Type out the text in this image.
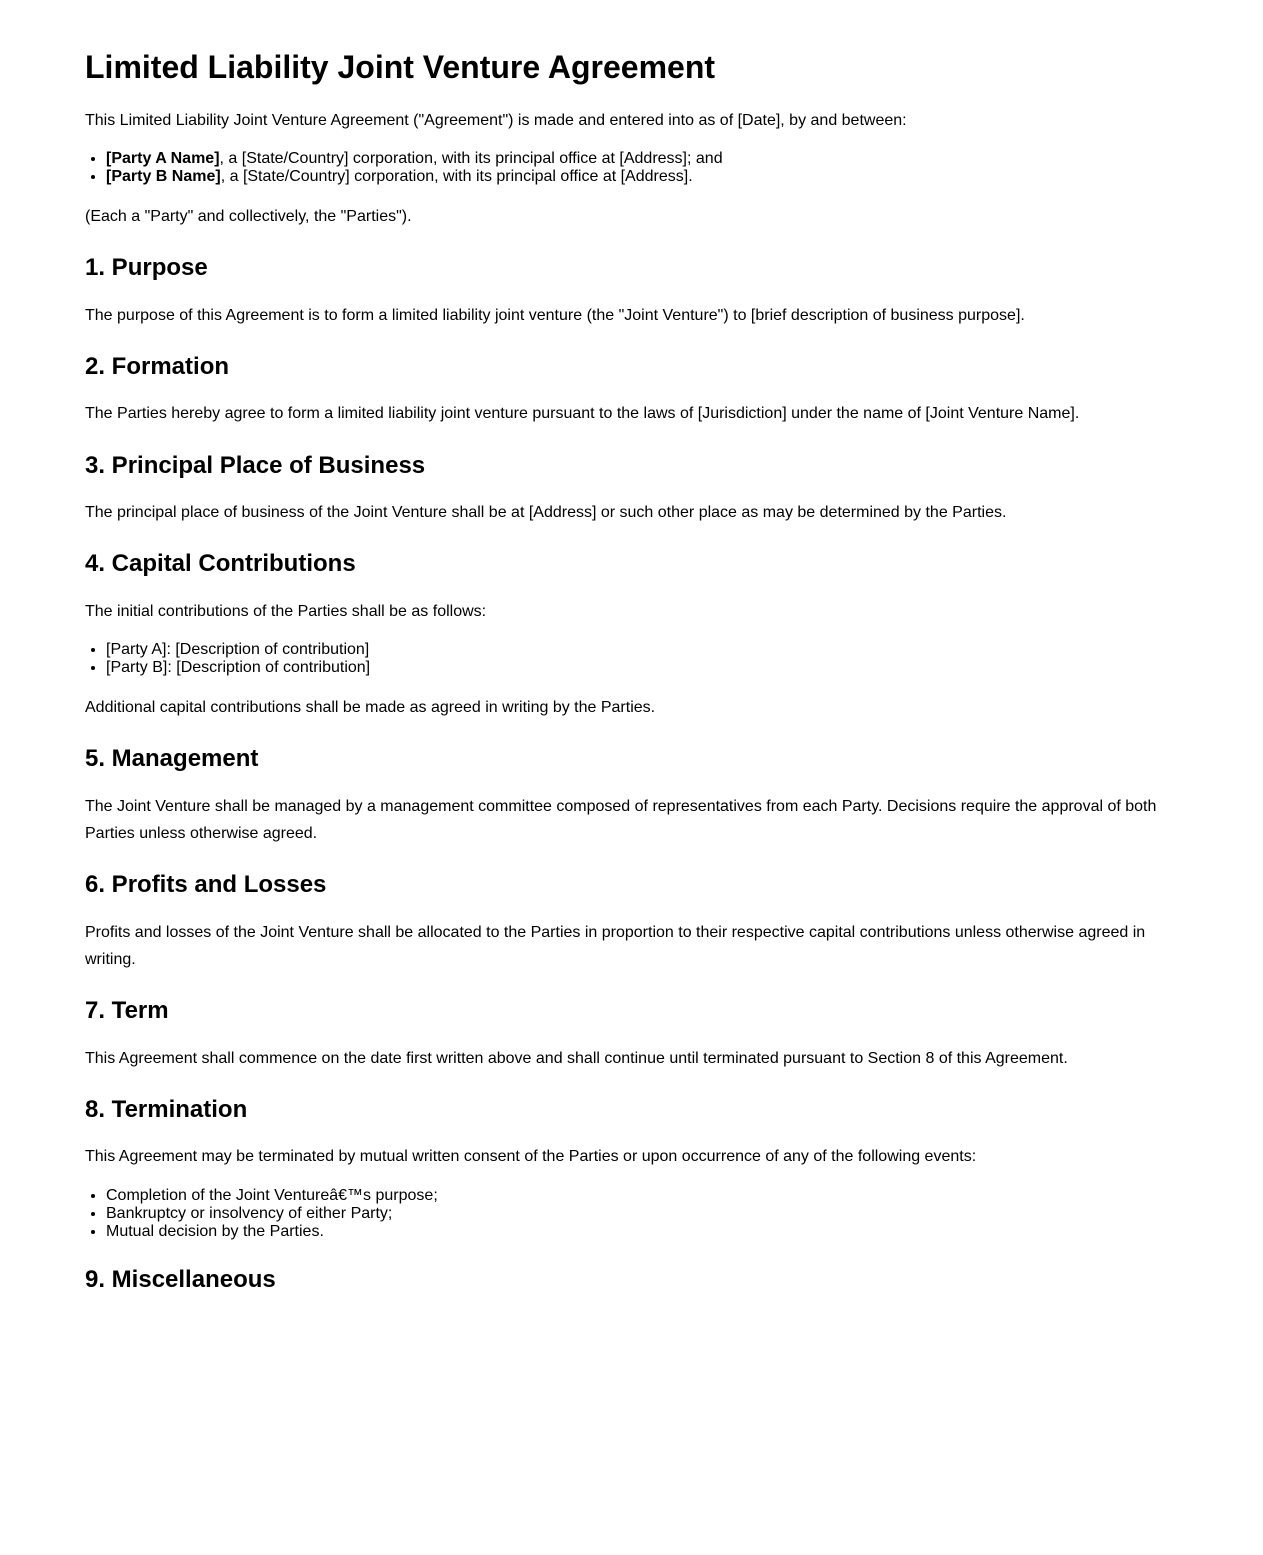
Limited Liability Joint Venture Agreement

This Limited Liability Joint Venture Agreement ("Agreement") is made and entered into as of [Date], by and between:

• [Party A Name], a [State/Country] corporation, with its principal office at [Address]; and
• [Party B Name], a [State/Country] corporation, with its principal office at [Address].

(Each a "Party" and collectively, the "Parties").

1. Purpose

The purpose of this Agreement is to form a limited liability joint venture (the "Joint Venture") to [brief description of business purpose].

2. Formation

The Parties hereby agree to form a limited liability joint venture pursuant to the laws of [Jurisdiction] under the name of [Joint Venture Name].

3. Principal Place of Business

The principal place of business of the Joint Venture shall be at [Address] or such other place as may be determined by the Parties.

4. Capital Contributions

The initial contributions of the Parties shall be as follows:

• [Party A]: [Description of contribution]
• [Party B]: [Description of contribution]

Additional capital contributions shall be made as agreed in writing by the Parties.

5. Management

The Joint Venture shall be managed by a management committee composed of representatives from each Party. Decisions require the approval of both Parties unless otherwise agreed.

6. Profits and Losses

Profits and losses of the Joint Venture shall be allocated to the Parties in proportion to their respective capital contributions unless otherwise agreed in writing.

7. Term

This Agreement shall commence on the date first written above and shall continue until terminated pursuant to Section 8 of this Agreement.

8. Termination

This Agreement may be terminated by mutual written consent of the Parties or upon occurrence of any of the following events:

• Completion of the Joint Ventureâ€™s purpose;
• Bankruptcy or insolvency of either Party;
• Mutual decision by the Parties.
9. Miscellaneous
